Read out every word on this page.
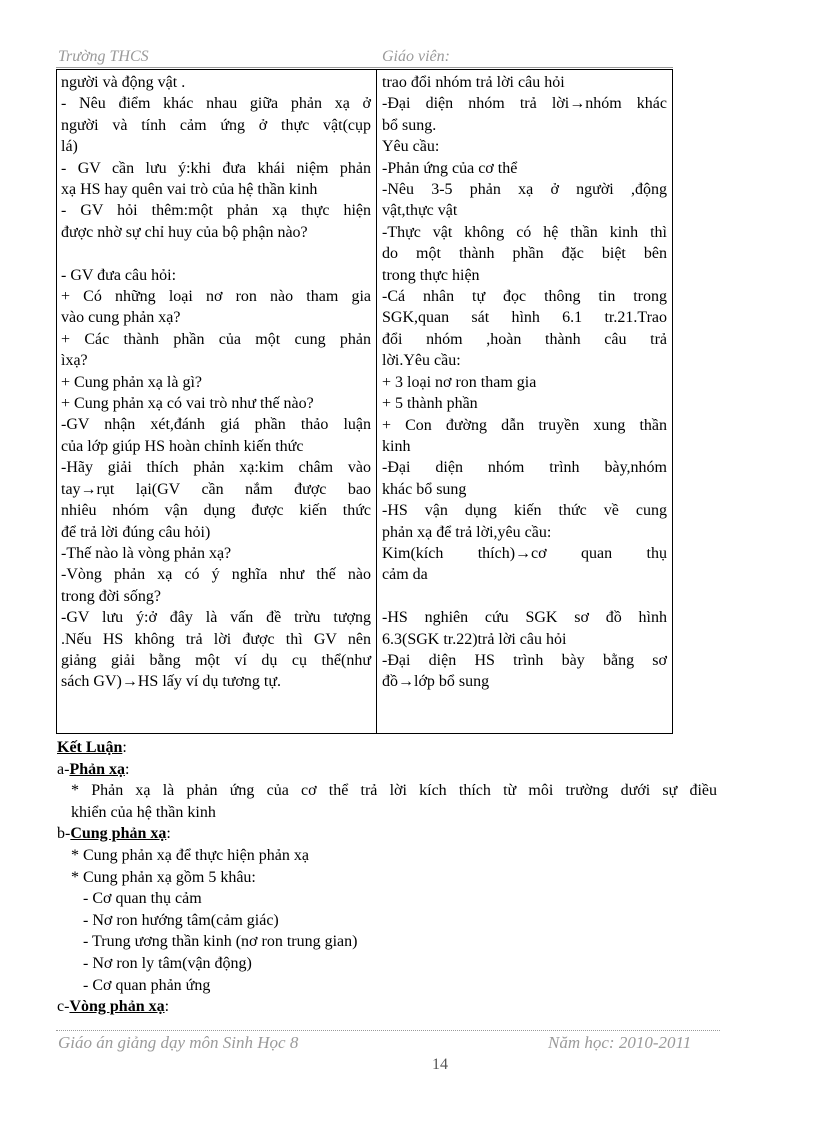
Trường THCS	Giáo viên:
người và động vật .
- Nêu điểm khác nhau giữa phản xạ ở
người và tính cảm ứng ở thực vật(cụp
lá)
- GV cần lưu ý:khi đưa khái niệm phản
xạ HS hay quên vai trò của hệ thần kinh
- GV hỏi thêm:một phản xạ thực hiện
được nhờ sự chỉ huy của bộ phận nào?
- GV đưa câu hỏi:
+ Có những loại nơ ron nào tham gia
vào cung phản xạ?
+ Các thành phần của một cung phản
ìxạ?
+ Cung phản xạ là gì?
+ Cung phản xạ có vai trò như thế nào?
-GV nhận xét,đánh giá phần thảo luận
của lớp giúp HS hoàn chỉnh kiến thức
-Hãy giải thích phản xạ:kim châm vào
tay→rụt lại(GV cần nắm được bao
nhiêu nhóm vận dụng được kiến thức
để trả lời đúng câu hỏi)
-Thế nào là vòng phản xạ?
-Vòng phản xạ có ý nghĩa như thế nào
trong đời sống?
-GV lưu ý:ở đây là vấn đề trừu tượng
.Nếu HS không trả lời được thì GV nên
giảng giải bằng một ví dụ cụ thể(như
sách GV)→HS lấy ví dụ tương tự.
trao đổi nhóm trả lời câu hỏi
-Đại diện nhóm trả lời→nhóm khác
bổ sung.
Yêu cầu:
-Phản ứng của cơ thể
-Nêu 3-5 phản xạ ở người ,động
vật,thực vật
-Thực vật không có hệ thần kinh thì
do một thành phần đặc biệt bên
trong thực hiện
-Cá nhân tự đọc thông tin trong
SGK,quan sát hình 6.1 tr.21.Trao
đổi nhóm ,hoàn thành câu trả
lời.Yêu cầu:
+ 3 loại nơ ron tham gia
+ 5 thành phần
+ Con đường dẫn truyền xung thần
kinh
-Đại diện nhóm trình bày,nhóm
khác bổ sung
-HS vận dụng kiến thức về cung
phản xạ để trả lời,yêu cầu:
Kim(kích thích)→cơ quan thụ
cảm da
-HS nghiên cứu SGK sơ đồ hình
6.3(SGK tr.22)trả lời câu hỏi
-Đại diện HS trình bày bằng sơ
đồ→lớp bổ sung
Kết Luận:
a-Phản xạ:
* Phản xạ là phản ứng của cơ thể trả lời kích thích từ môi trường dưới sự điều
khiển của hệ thần kinh
b-Cung phản xạ:
* Cung phản xạ để thực hiện phản xạ
* Cung phản xạ gồm 5 khâu:
- Cơ quan thụ cảm
- Nơ ron hướng tâm(cảm giác)
- Trung ương thần kinh (nơ ron trung gian)
- Nơ ron ly tâm(vận động)
- Cơ quan phản ứng
c-Vòng phản xạ:
Giáo án giảng dạy môn Sinh Học 8	Năm học: 2010-2011
14
